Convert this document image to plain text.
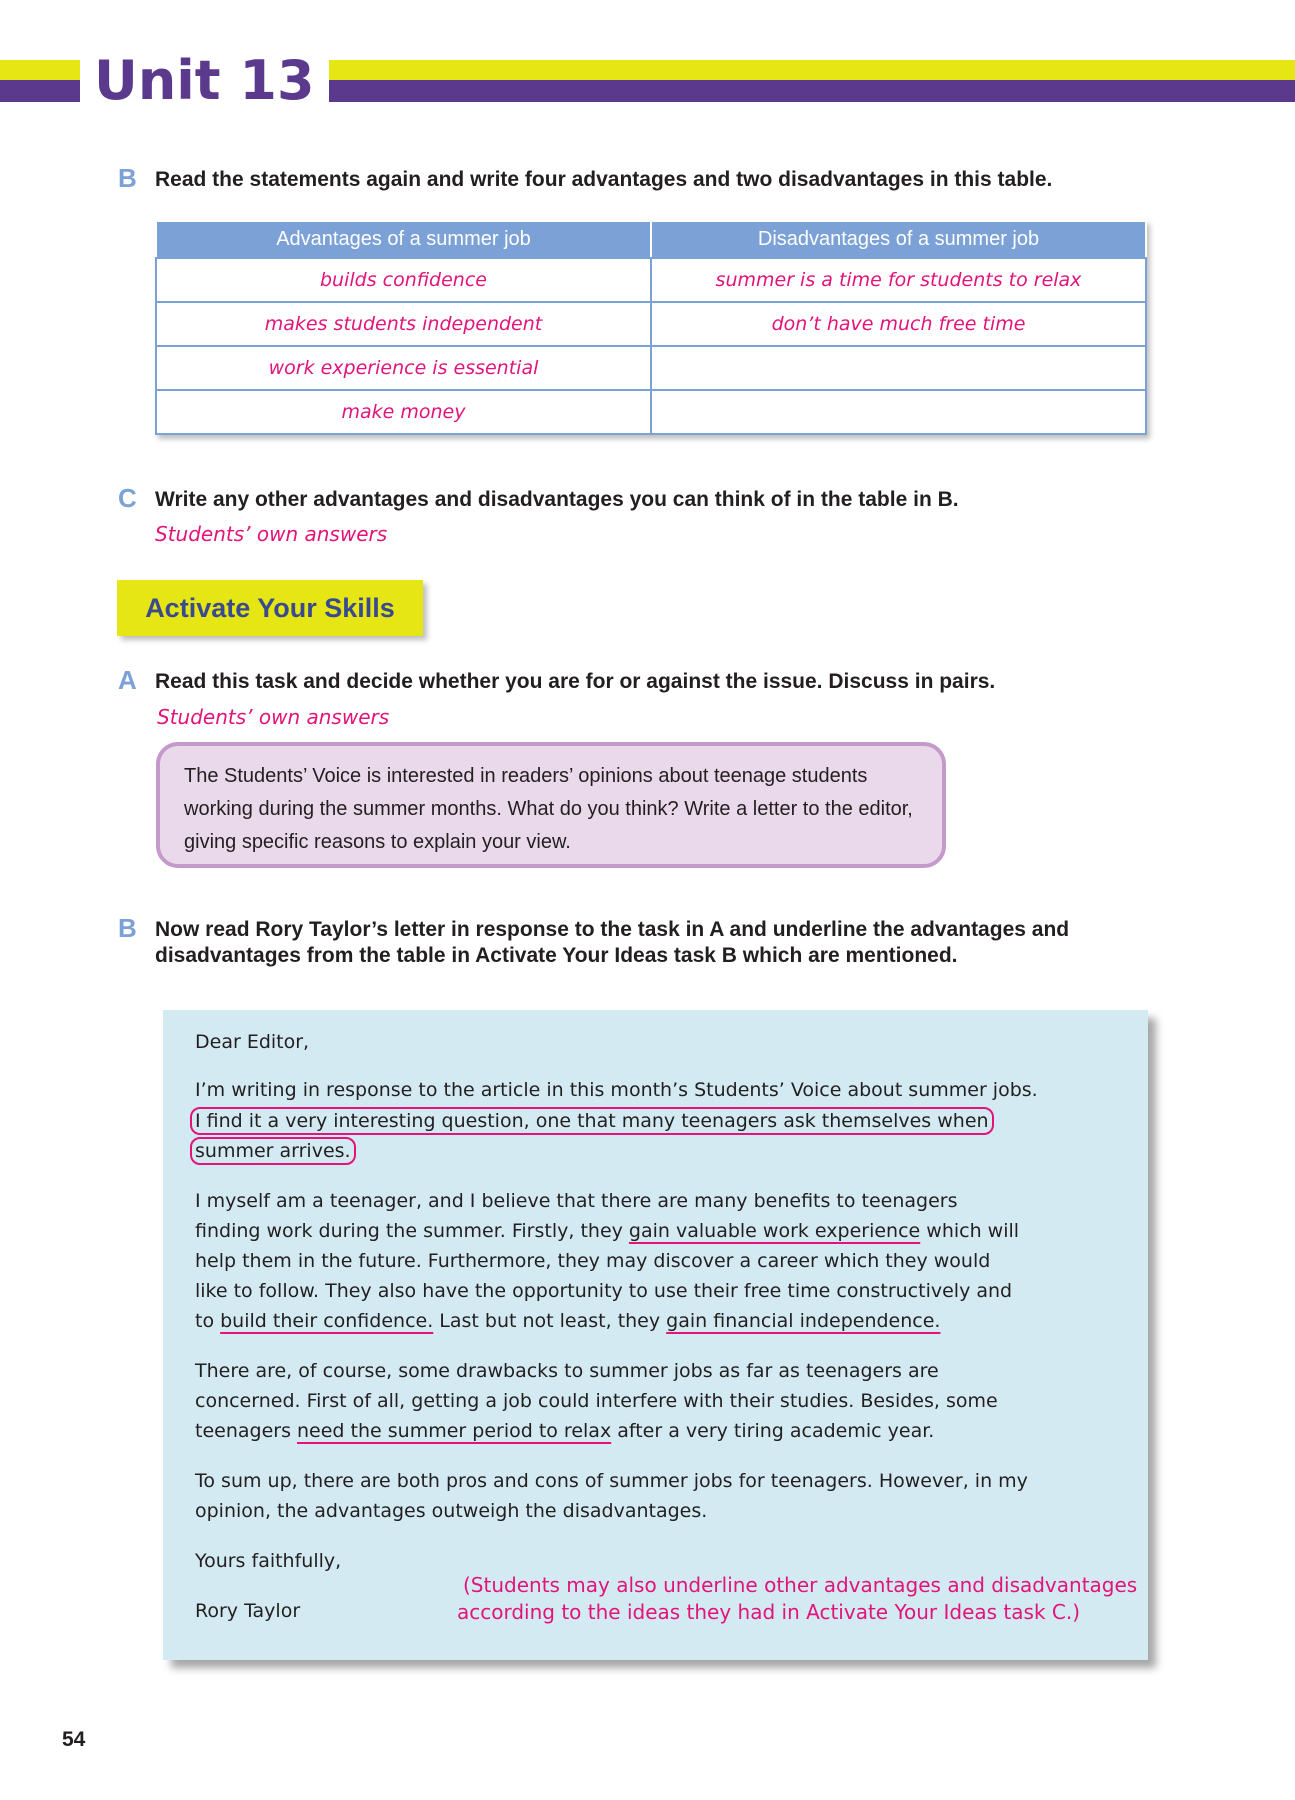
Unit 13
B Read the statements again and write four advantages and two disadvantages in this table.
Advantages of a summer job	Disadvantages of a summer job
builds confidence	summer is a time for students to relax
makes students independent	don’t have much free time
work experience is essential	
make money	
C Write any other advantages and disadvantages you can think of in the table in B.
Students’ own answers
Activate Your Skills
A Read this task and decide whether you are for or against the issue. Discuss in pairs.
Students’ own answers
The Students’ Voice is interested in readers’ opinions about teenage students working during the summer months. What do you think? Write a letter to the editor, giving specific reasons to explain your view.
B Now read Rory Taylor’s letter in response to the task in A and underline the advantages and
disadvantages from the table in Activate Your Ideas task B which are mentioned.
Dear Editor,
I’m writing in response to the article in this month’s Students’ Voice about summer jobs.
I find it a very interesting question, one that many teenagers ask themselves when
summer arrives.
I myself am a teenager, and I believe that there are many benefits to teenagers
finding work during the summer. Firstly, they gain valuable work experience which will
help them in the future. Furthermore, they may discover a career which they would
like to follow. They also have the opportunity to use their free time constructively and
to build their confidence. Last but not least, they gain financial independence.
There are, of course, some drawbacks to summer jobs as far as teenagers are
concerned. First of all, getting a job could interfere with their studies. Besides, some
teenagers need the summer period to relax after a very tiring academic year.
To sum up, there are both pros and cons of summer jobs for teenagers. However, in my
opinion, the advantages outweigh the disadvantages.
Yours faithfully,
Rory Taylor
(Students may also underline other advantages and disadvantages
according to the ideas they had in Activate Your Ideas task C.)
54
